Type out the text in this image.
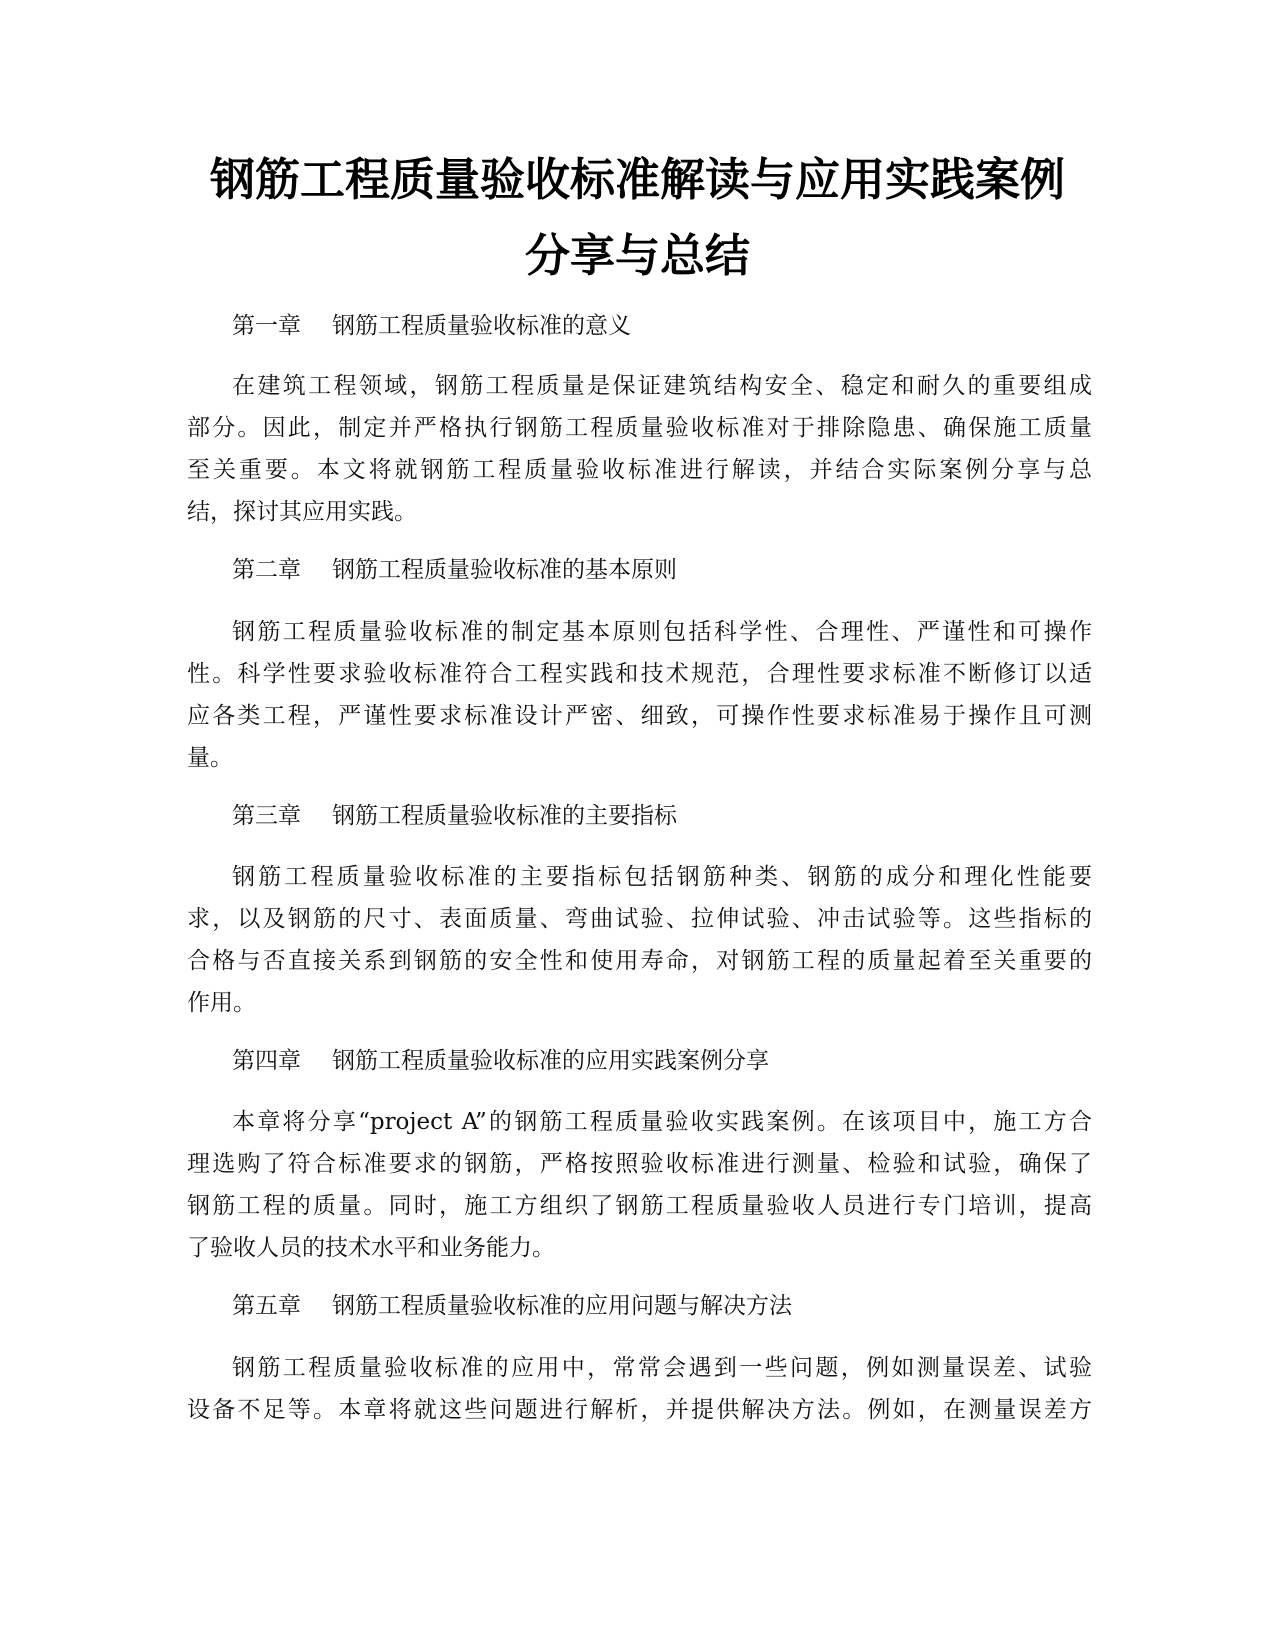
钢筋工程质量验收标准解读与应用实践案例
分享与总结

第一章 钢筋工程质量验收标准的意义

在建筑工程领域，钢筋工程质量是保证建筑结构安全、稳定和耐久的重要组成
部分。因此，制定并严格执行钢筋工程质量验收标准对于排除隐患、确保施工质量
至关重要。本文将就钢筋工程质量验收标准进行解读，并结合实际案例分享与总
结，探讨其应用实践。

第二章 钢筋工程质量验收标准的基本原则

钢筋工程质量验收标准的制定基本原则包括科学性、合理性、严谨性和可操作
性。科学性要求验收标准符合工程实践和技术规范，合理性要求标准不断修订以适
应各类工程，严谨性要求标准设计严密、细致，可操作性要求标准易于操作且可测
量。

第三章 钢筋工程质量验收标准的主要指标

钢筋工程质量验收标准的主要指标包括钢筋种类、钢筋的成分和理化性能要
求，以及钢筋的尺寸、表面质量、弯曲试验、拉伸试验、冲击试验等。这些指标的
合格与否直接关系到钢筋的安全性和使用寿命，对钢筋工程的质量起着至关重要的
作用。

第四章 钢筋工程质量验收标准的应用实践案例分享

本章将分享“project A”的钢筋工程质量验收实践案例。在该项目中，施工方合
理选购了符合标准要求的钢筋，严格按照验收标准进行测量、检验和试验，确保了
钢筋工程的质量。同时，施工方组织了钢筋工程质量验收人员进行专门培训，提高
了验收人员的技术水平和业务能力。

第五章 钢筋工程质量验收标准的应用问题与解决方法

钢筋工程质量验收标准的应用中，常常会遇到一些问题，例如测量误差、试验
设备不足等。本章将就这些问题进行解析，并提供解决方法。例如，在测量误差方
